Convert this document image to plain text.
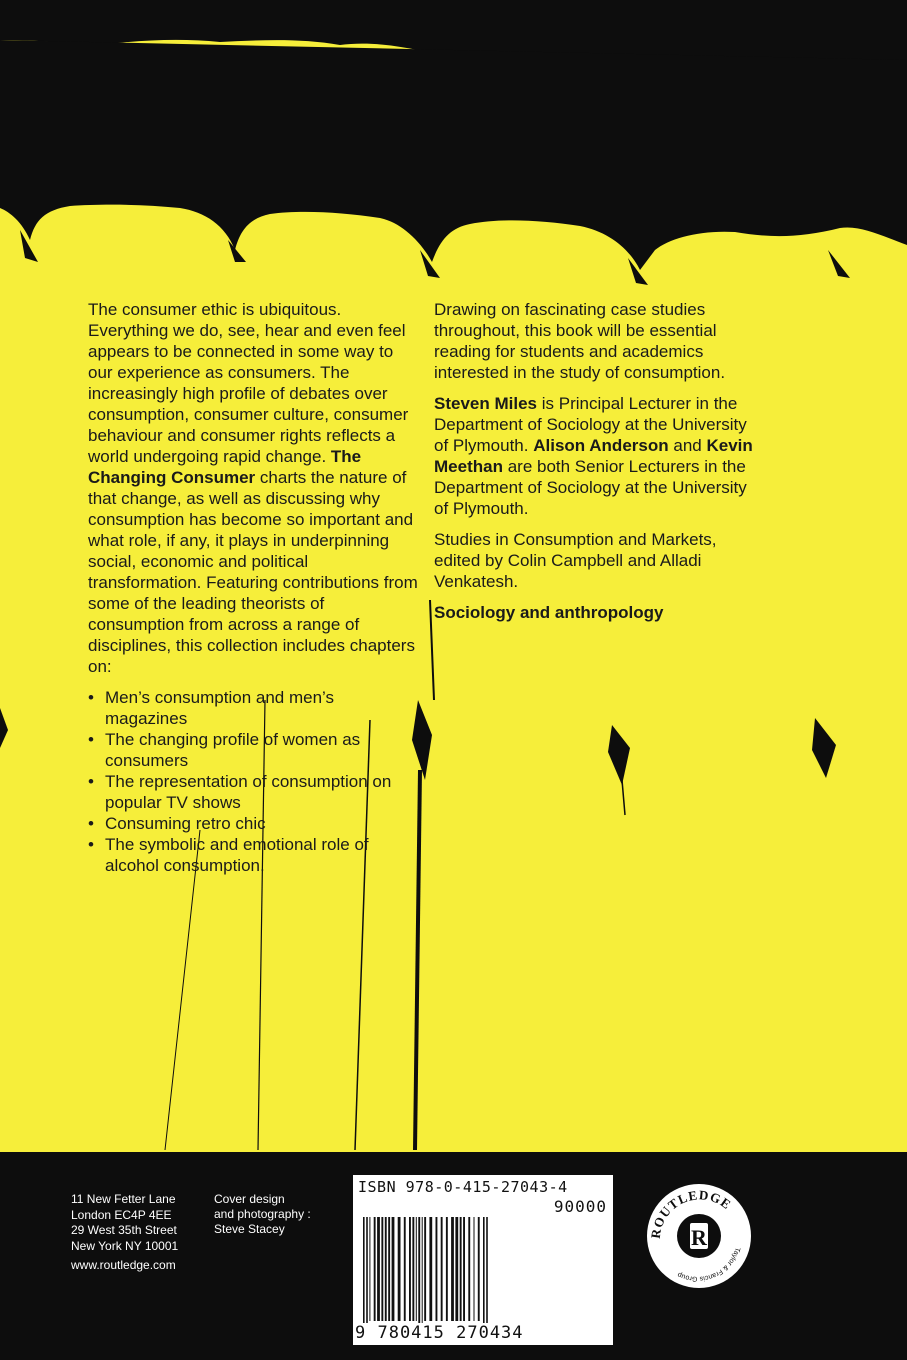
The consumer ethic is ubiquitous. Everything we do, see, hear and even feel appears to be connected in some way to our experience as consumers. The increasingly high profile of debates over consumption, consumer culture, consumer behaviour and consumer rights reflects a world undergoing rapid change. The Changing Consumer charts the nature of that change, as well as discussing why consumption has become so important and what role, if any, it plays in underpinning social, economic and political transformation. Featuring contributions from some of the leading theorists of consumption from across a range of disciplines, this collection includes chapters on:

• Men’s consumption and men’s magazines
• The changing profile of women as consumers
• The representation of consumption on popular TV shows
• Consuming retro chic
• The symbolic and emotional role of alcohol consumption.

Drawing on fascinating case studies throughout, this book will be essential reading for students and academics interested in the study of consumption.

Steven Miles is Principal Lecturer in the Department of Sociology at the University of Plymouth. Alison Anderson and Kevin Meethan are both Senior Lecturers in the Department of Sociology at the University of Plymouth.

Studies in Consumption and Markets, edited by Colin Campbell and Alladi Venkatesh.

Sociology and anthropology

11 New Fetter Lane
London EC4P 4EE
29 West 35th Street
New York NY 10001
www.routledge.com
Cover design
and photography :
Steve Stacey
ISBN 978-0-415-27043-4
90000
9 780415 270434
R
ROUTLEDGE
Taylor & Francis Group
